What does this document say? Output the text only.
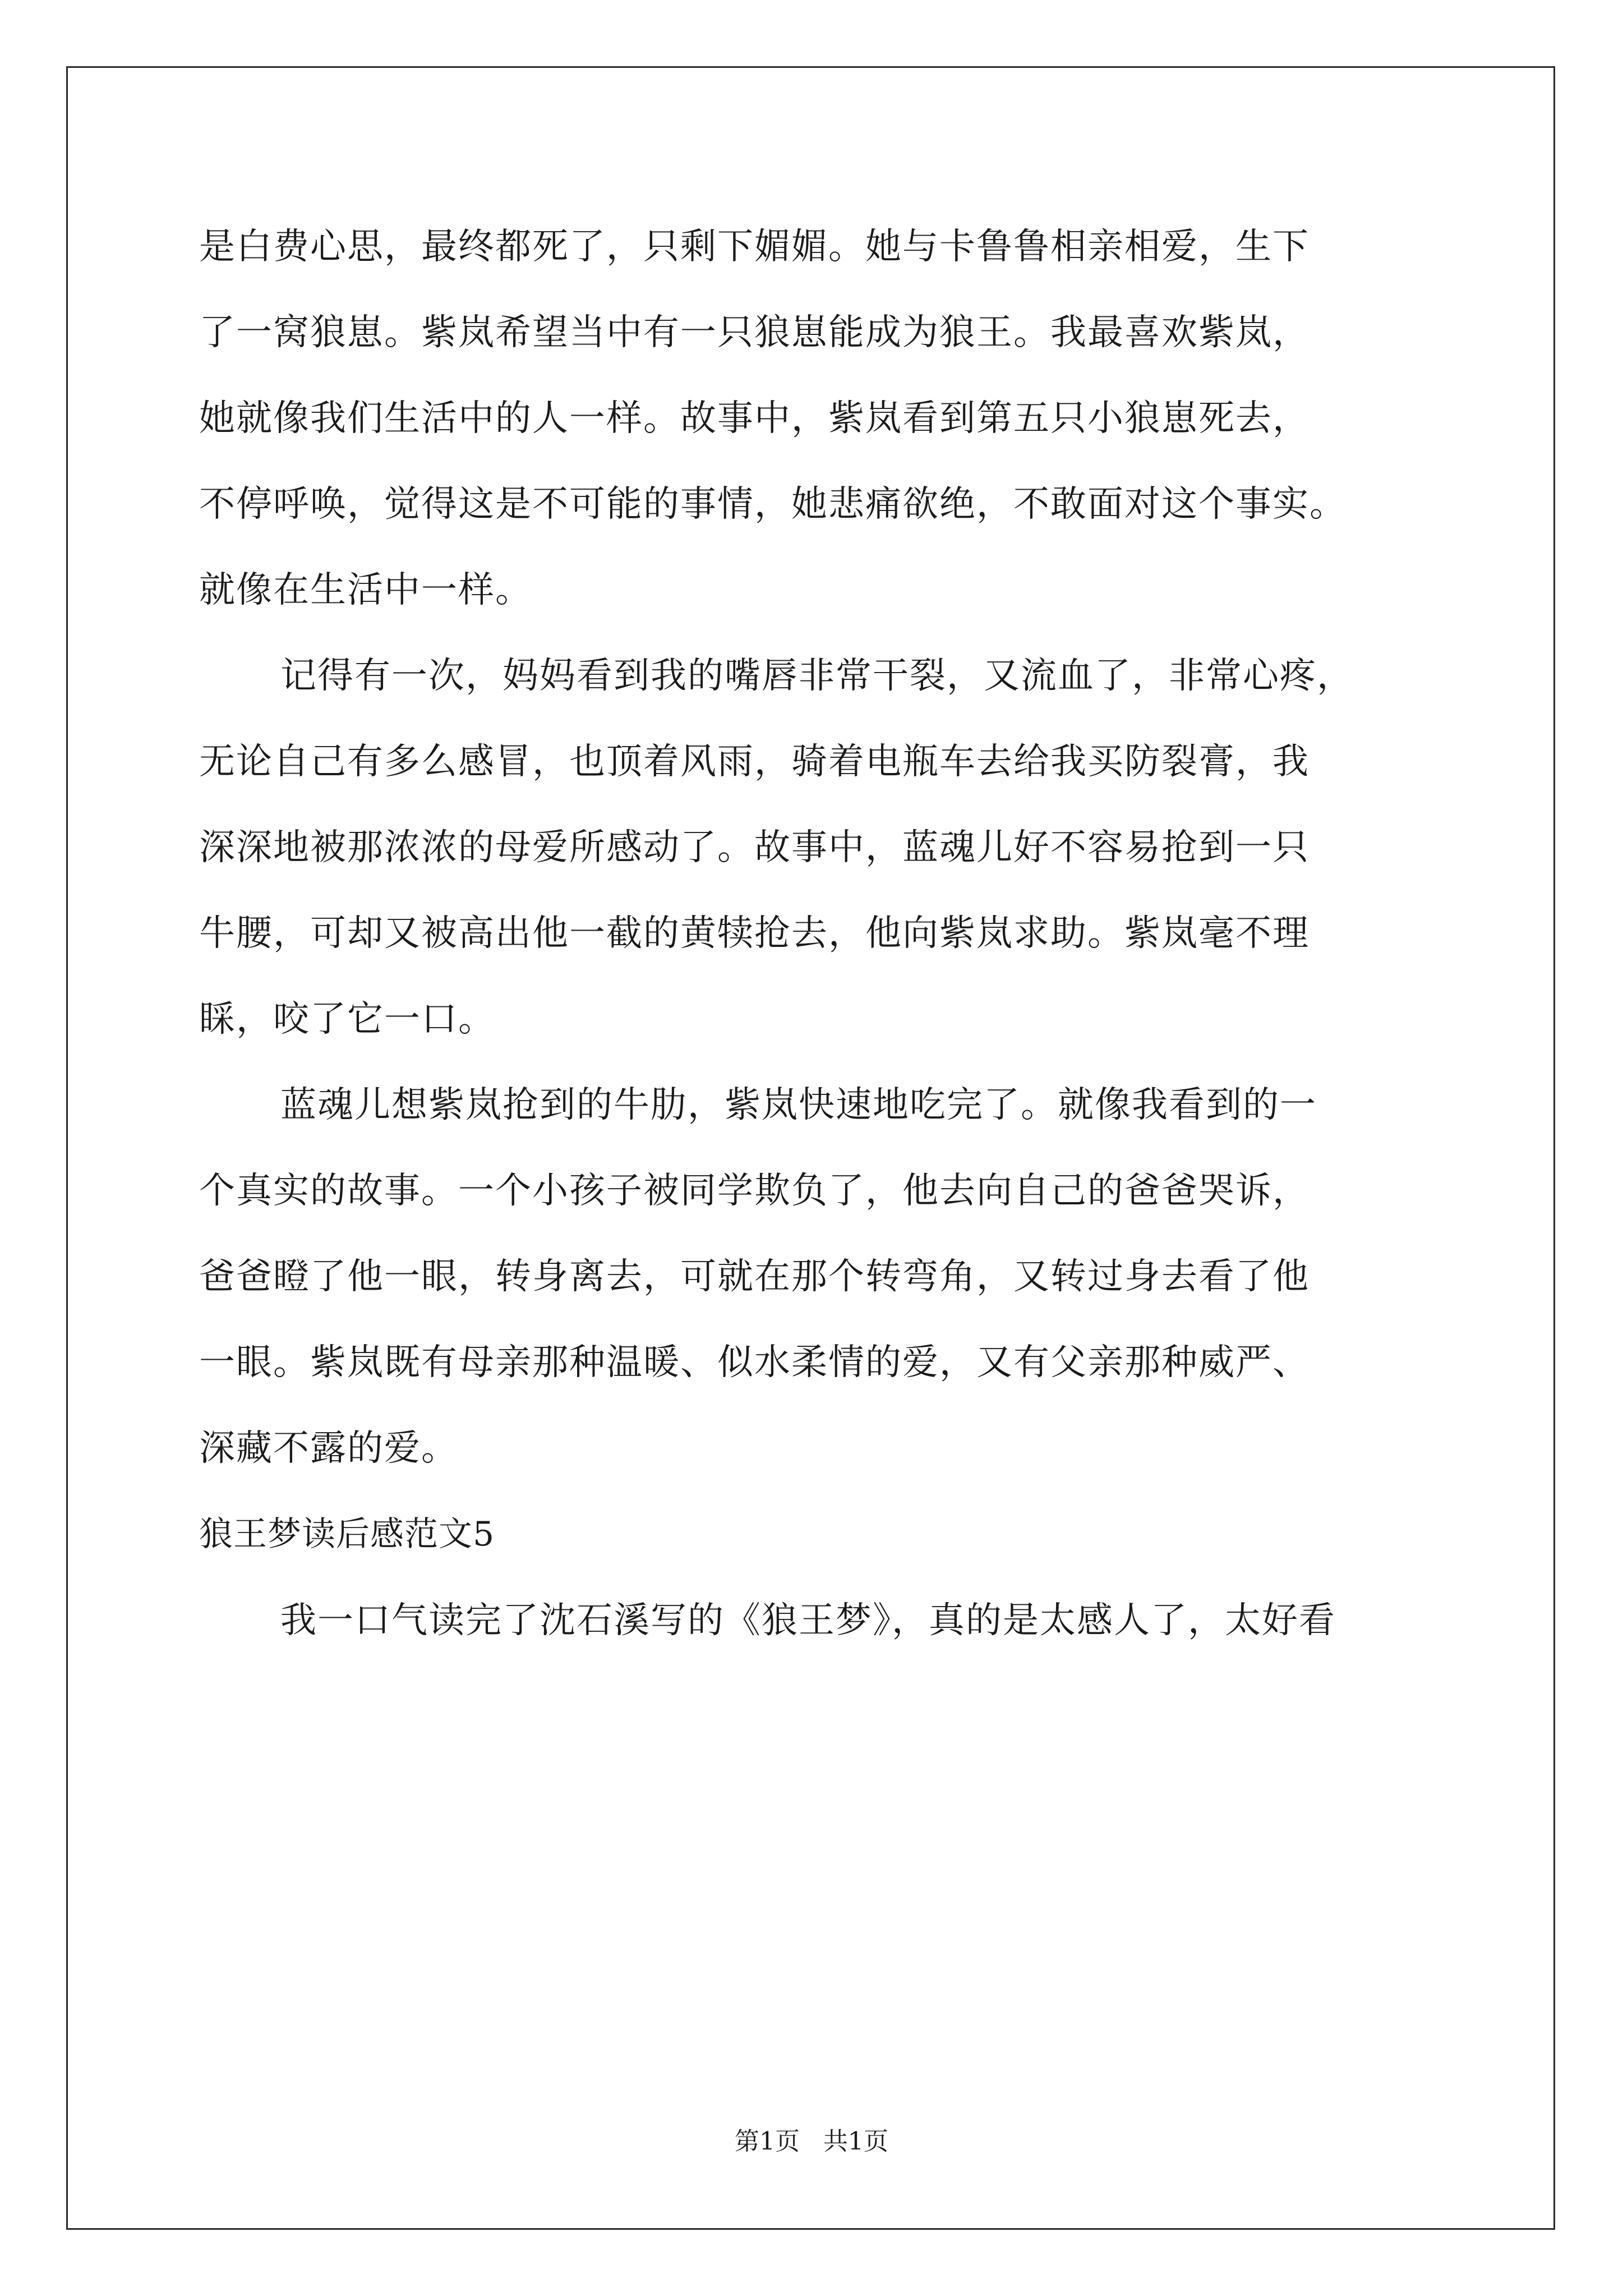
是白费心思，最终都死了，只剩下媚媚。她与卡鲁鲁相亲相爱，生下
了一窝狼崽。紫岚希望当中有一只狼崽能成为狼王。我最喜欢紫岚，
她就像我们生活中的人一样。故事中，紫岚看到第五只小狼崽死去，
不停呼唤，觉得这是不可能的事情，她悲痛欲绝，不敢面对这个事实。
就像在生活中一样。
记得有一次，妈妈看到我的嘴唇非常干裂，又流血了，非常心疼，
无论自己有多么感冒，也顶着风雨，骑着电瓶车去给我买防裂膏，我
深深地被那浓浓的母爱所感动了。故事中，蓝魂儿好不容易抢到一只
牛腰，可却又被高出他一截的黄犊抢去，他向紫岚求助。紫岚毫不理
睬，咬了它一口。
蓝魂儿想紫岚抢到的牛肋，紫岚快速地吃完了。就像我看到的一
个真实的故事。一个小孩子被同学欺负了，他去向自己的爸爸哭诉，
爸爸瞪了他一眼，转身离去，可就在那个转弯角，又转过身去看了他
一眼。紫岚既有母亲那种温暖、似水柔情的爱，又有父亲那种威严、
深藏不露的爱。
狼王梦读后感范文5
我一口气读完了沈石溪写的《狼王梦》，真的是太感人了，太好看
第1页   共1页
